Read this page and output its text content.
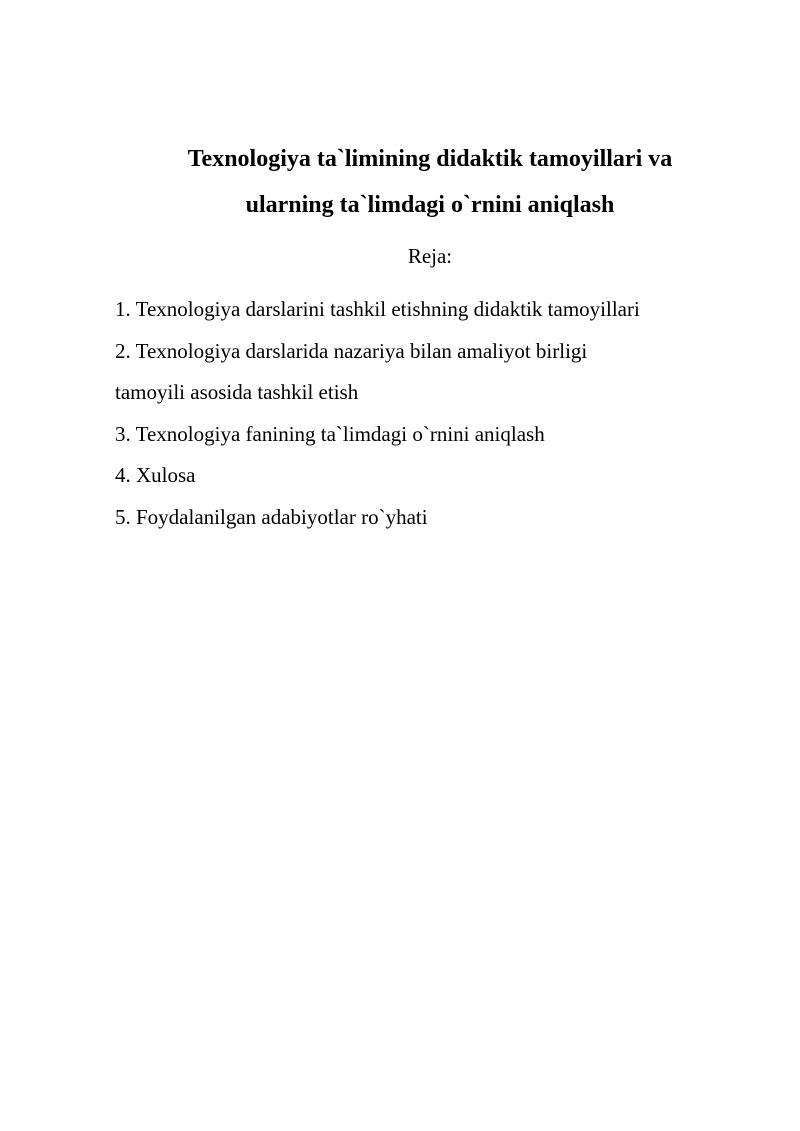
Texnologiya ta`limining didaktik tamoyillari va
ularning ta`limdagi o`rnini aniqlash

Reja:

1. Texnologiya darslarini tashkil etishning didaktik tamoyillari
2. Texnologiya darslarida nazariya bilan amaliyot birligi
tamoyili asosida tashkil etish
3. Texnologiya fanining ta`limdagi o`rnini aniqlash
4. Xulosa
5. Foydalanilgan adabiyotlar ro`yhati
